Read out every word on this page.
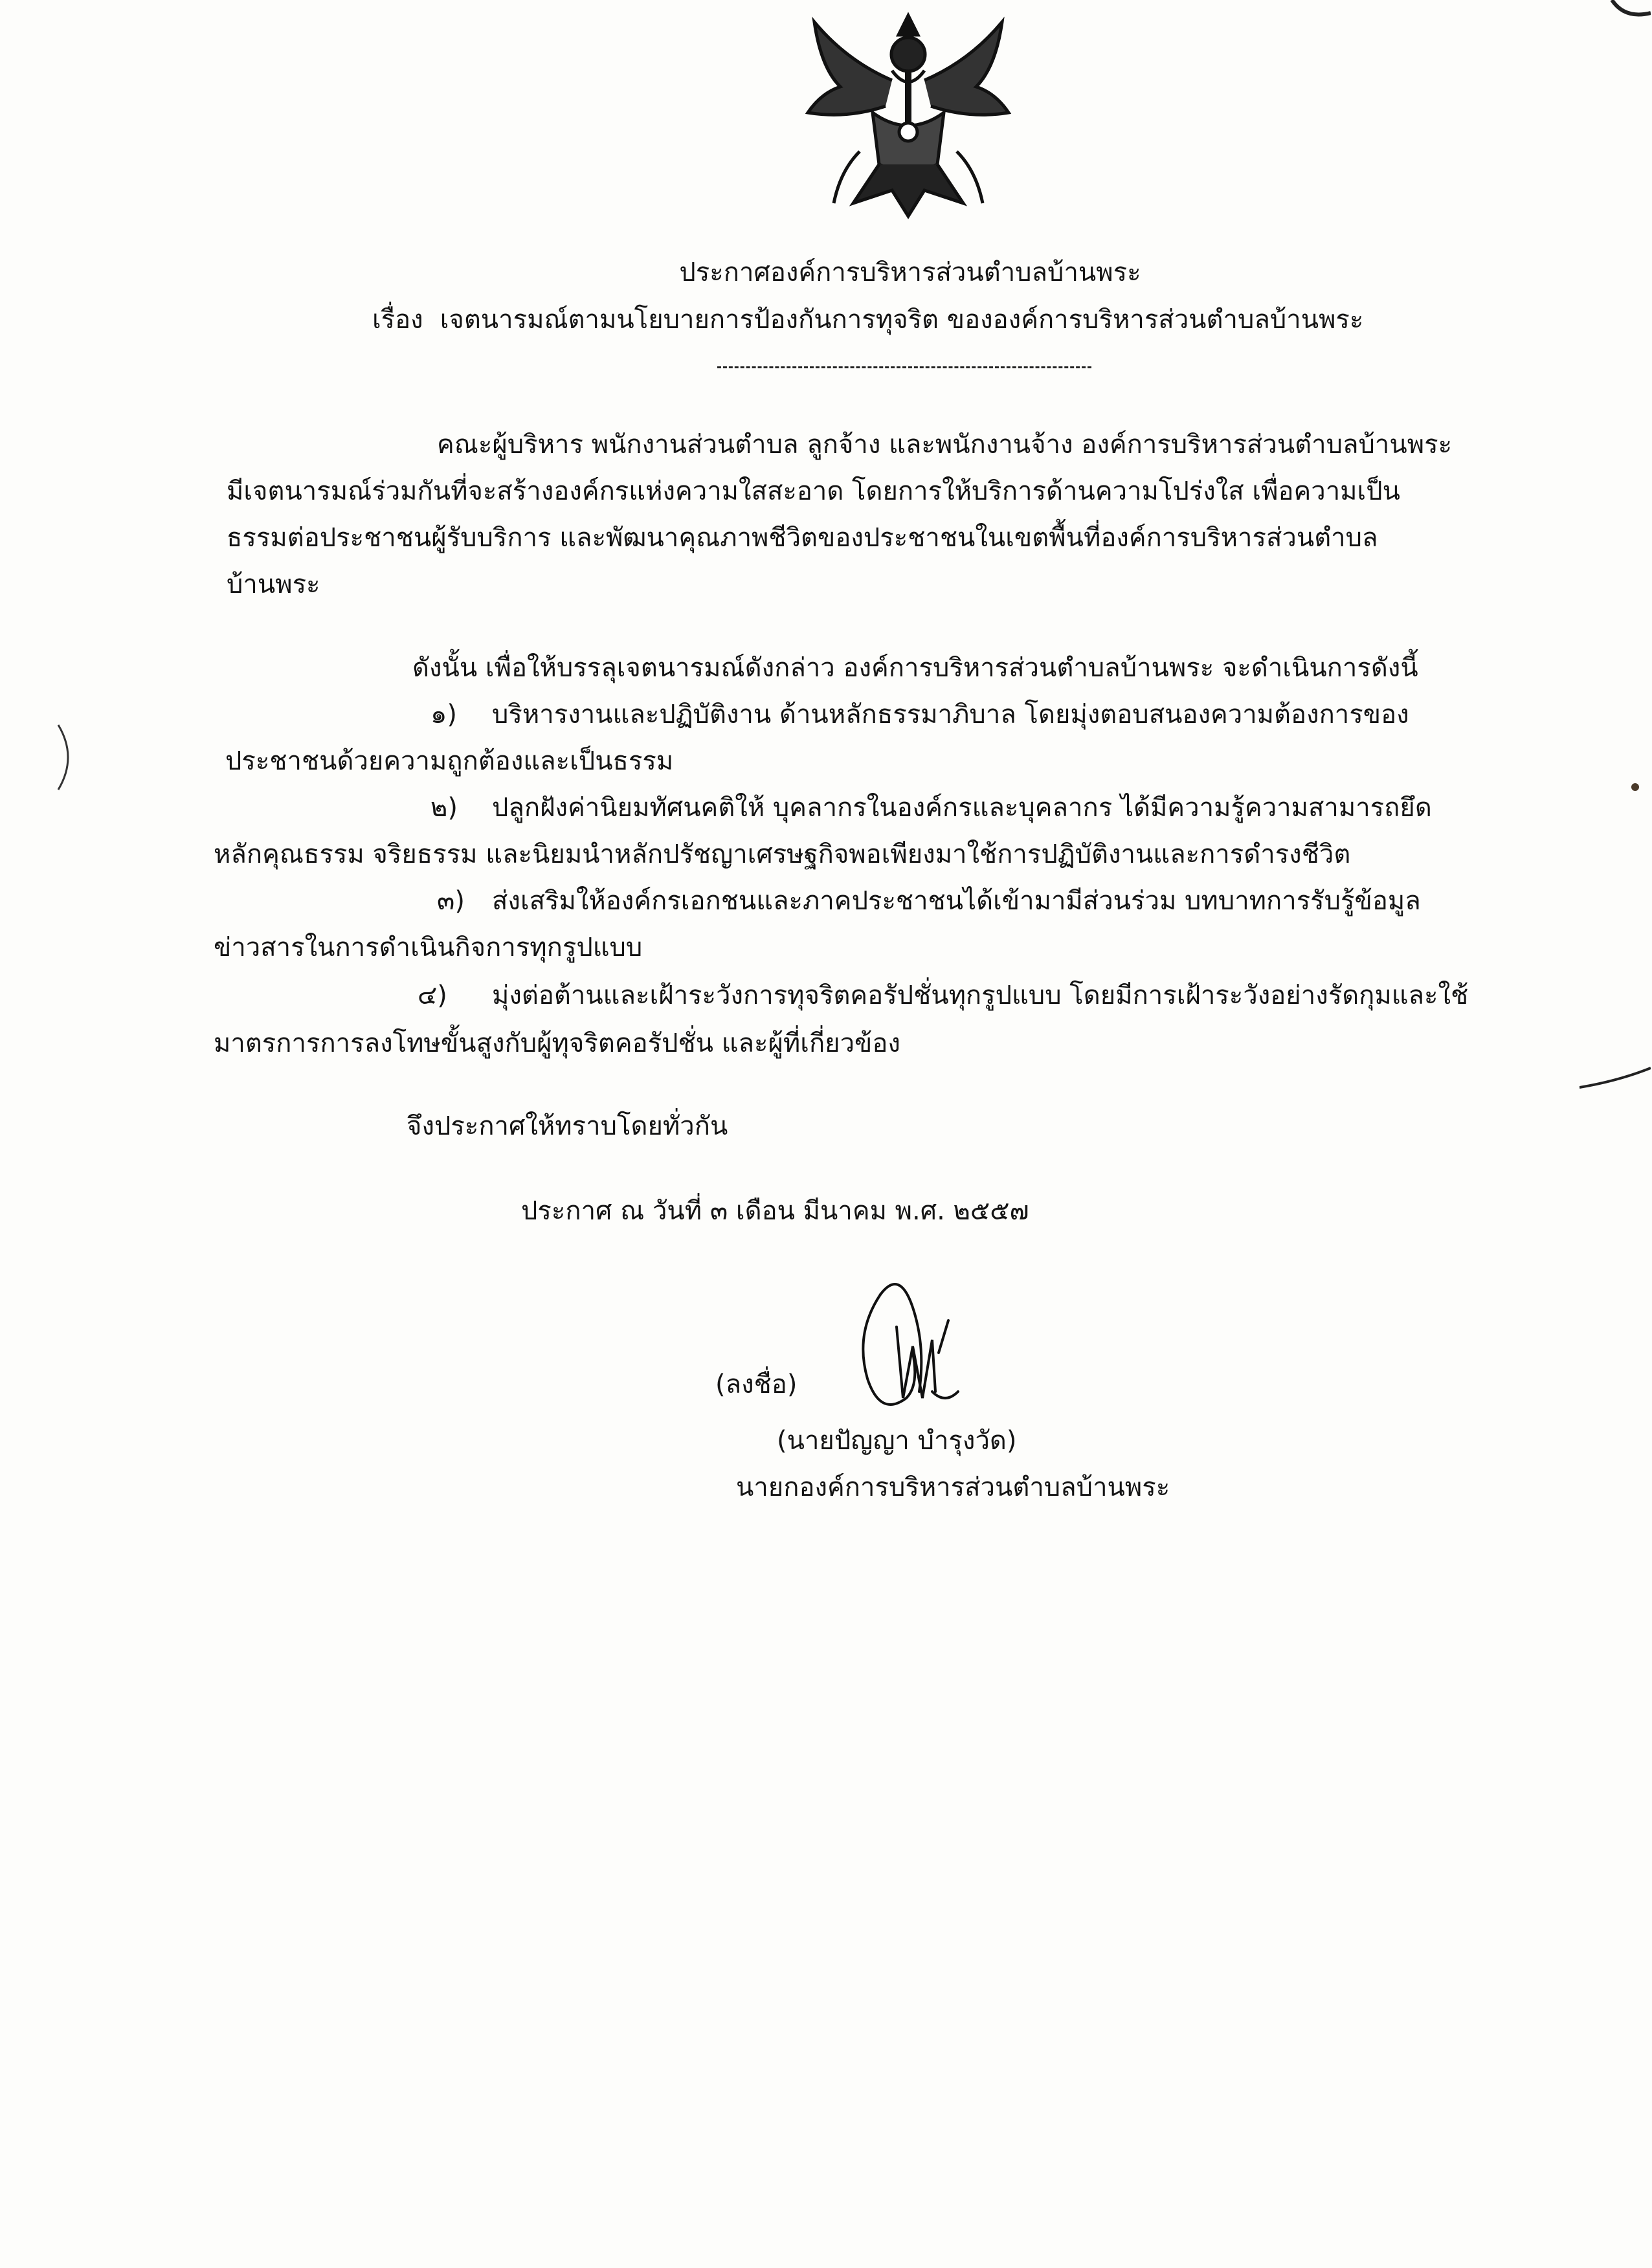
ประกาศองค์การบริหารส่วนตำบลบ้านพระ
เรื่อง เจตนารมณ์ตามนโยบายการป้องกันการทุจริต ขององค์การบริหารส่วนตำบลบ้านพระ
คณะผู้บริหาร พนักงานส่วนตำบล ลูกจ้าง และพนักงานจ้าง องค์การบริหารส่วนตำบลบ้านพระ
มีเจตนารมณ์ร่วมกันที่จะสร้างองค์กรแห่งความใสสะอาด โดยการให้บริการด้านความโปร่งใส เพื่อความเป็น
ธรรมต่อประชาชนผู้รับบริการ และพัฒนาคุณภาพชีวิตของประชาชนในเขตพื้นที่องค์การบริหารส่วนตำบล
บ้านพระ
ดังนั้น เพื่อให้บรรลุเจตนารมณ์ดังกล่าว องค์การบริหารส่วนตำบลบ้านพระ จะดำเนินการดังนี้
๑) บริหารงานและปฏิบัติงาน ด้านหลักธรรมาภิบาล โดยมุ่งตอบสนองความต้องการของ
ประชาชนด้วยความถูกต้องและเป็นธรรม
๒) ปลูกฝังค่านิยมทัศนคติให้ บุคลากรในองค์กรและบุคลากร ได้มีความรู้ความสามารถยึด
หลักคุณธรรม จริยธรรม และนิยมนำหลักปรัชญาเศรษฐกิจพอเพียงมาใช้การปฏิบัติงานและการดำรงชีวิต
๓) ส่งเสริมให้องค์กรเอกชนและภาคประชาชนได้เข้ามามีส่วนร่วม บทบาทการรับรู้ข้อมูล
ข่าวสารในการดำเนินกิจการทุกรูปแบบ
๔) มุ่งต่อต้านและเฝ้าระวังการทุจริตคอรัปชั่นทุกรูปแบบ โดยมีการเฝ้าระวังอย่างรัดกุมและใช้
มาตรการการลงโทษขั้นสูงกับผู้ทุจริตคอรัปชั่น และผู้ที่เกี่ยวข้อง
จึงประกาศให้ทราบโดยทั่วกัน
ประกาศ ณ วันที่ ๓ เดือน มีนาคม พ.ศ. ๒๕๕๗
(ลงชื่อ)
(นายปัญญา บำรุงวัด)
นายกองค์การบริหารส่วนตำบลบ้านพระ
